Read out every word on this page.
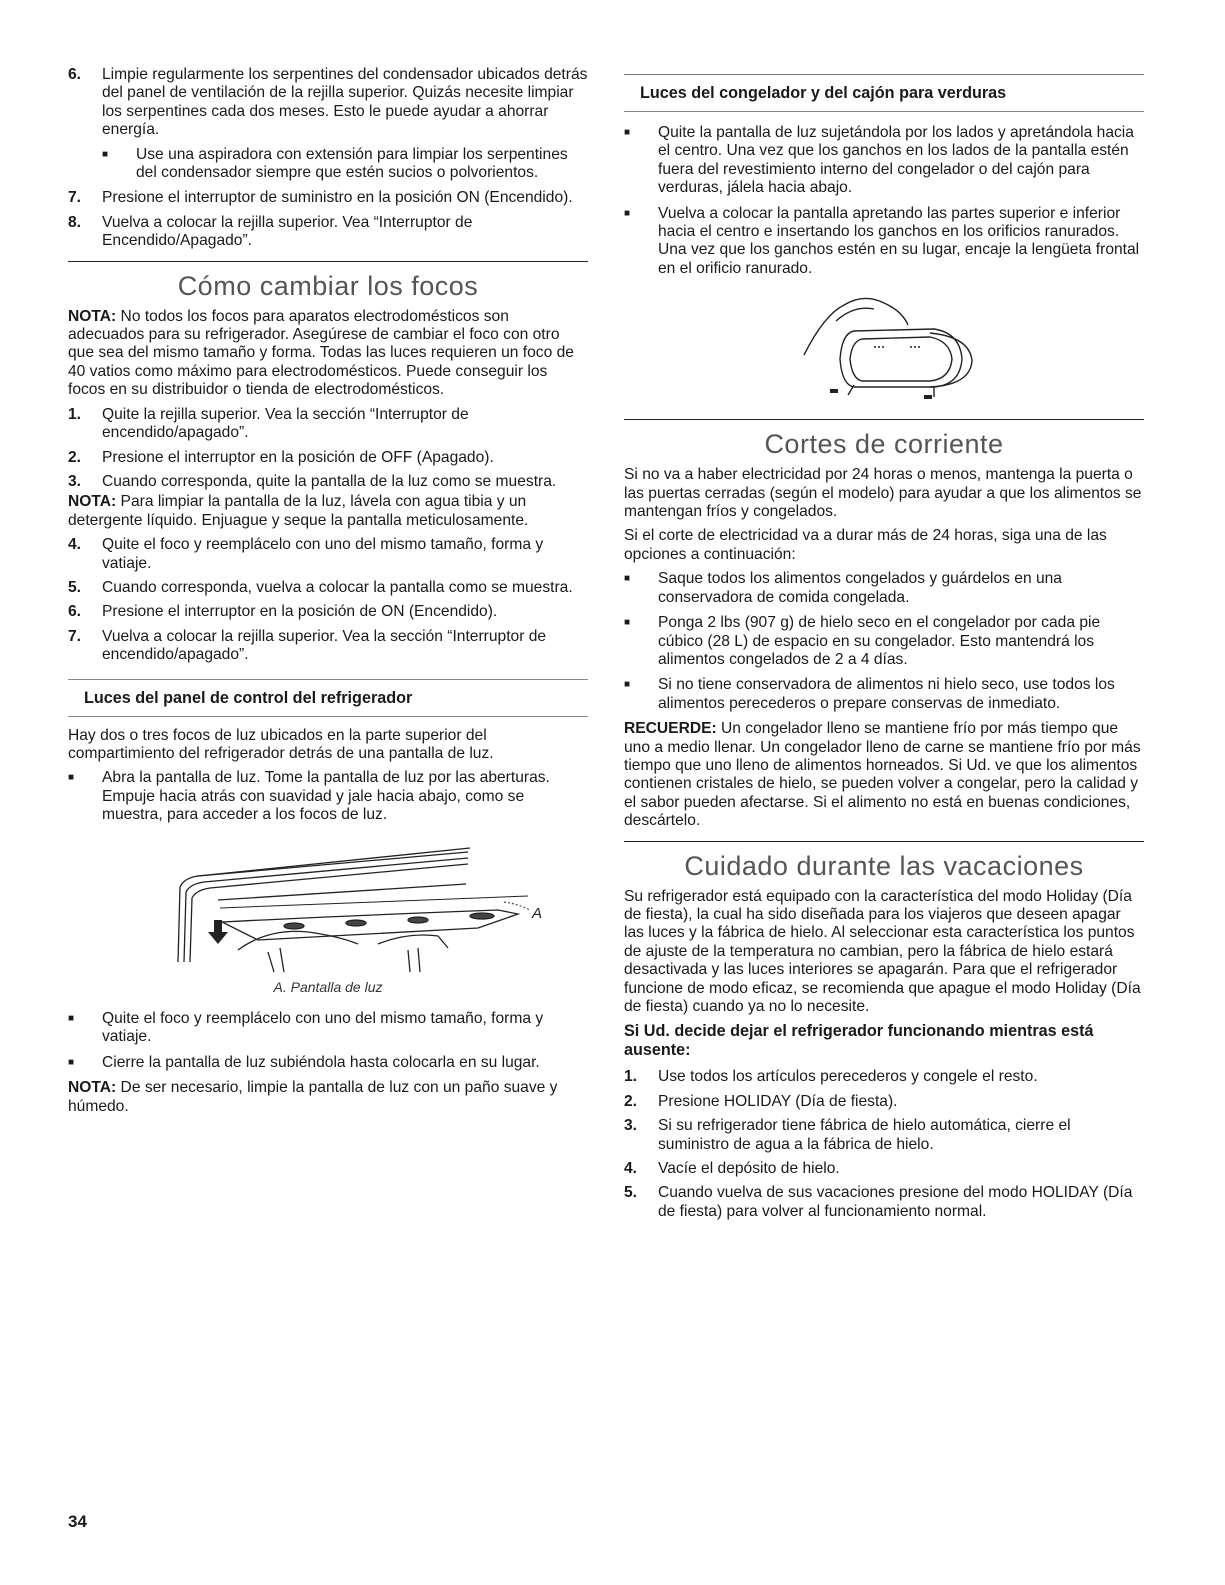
6.	Limpie regularmente los serpentines del condensador ubicados detrás del panel de ventilación de la rejilla superior. Quizás necesite limpiar los serpentines cada dos meses. Esto le puede ayudar a ahorrar energía.
■	Use una aspiradora con extensión para limpiar los serpentines del condensador siempre que estén sucios o polvorientos.
7.	Presione el interruptor de suministro en la posición ON (Encendido).
8.	Vuelva a colocar la rejilla superior. Vea “Interruptor de Encendido/Apagado”.
Cómo cambiar los focos
NOTA: No todos los focos para aparatos electrodomésticos son adecuados para su refrigerador. Asegúrese de cambiar el foco con otro que sea del mismo tamaño y forma. Todas las luces requieren un foco de 40 vatios como máximo para electrodomésticos. Puede conseguir los focos en su distribuidor o tienda de electrodomésticos.
1.	Quite la rejilla superior. Vea la sección “Interruptor de encendido/apagado”.
2.	Presione el interruptor en la posición de OFF (Apagado).
3.	Cuando corresponda, quite la pantalla de la luz como se muestra.
NOTA: Para limpiar la pantalla de la luz, lávela con agua tibia y un detergente líquido. Enjuague y seque la pantalla meticulosamente.
4.	Quite el foco y reemplácelo con uno del mismo tamaño, forma y vatiaje.
5.	Cuando corresponda, vuelva a colocar la pantalla como se muestra.
6.	Presione el interruptor en la posición de ON (Encendido).
7.	Vuelva a colocar la rejilla superior. Vea la sección “Interruptor de encendido/apagado”.
Luces del panel de control del refrigerador
Hay dos o tres focos de luz ubicados en la parte superior del compartimiento del refrigerador detrás de una pantalla de luz.
■	Abra la pantalla de luz. Tome la pantalla de luz por las aberturas. Empuje hacia atrás con suavidad y jale hacia abajo, como se muestra, para acceder a los focos de luz.
A
A. Pantalla de luz
■	Quite el foco y reemplácelo con uno del mismo tamaño, forma y vatiaje.
■	Cierre la pantalla de luz subiéndola hasta colocarla en su lugar.
NOTA: De ser necesario, limpie la pantalla de luz con un paño suave y húmedo.
Luces del congelador y del cajón para verduras
■	Quite la pantalla de luz sujetándola por los lados y apretándola hacia el centro. Una vez que los ganchos en los lados de la pantalla estén fuera del revestimiento interno del congelador o del cajón para verduras, jálela hacia abajo.
■	Vuelva a colocar la pantalla apretando las partes superior e inferior hacia el centro e insertando los ganchos en los orificios ranurados. Una vez que los ganchos estén en su lugar, encaje la lengüeta frontal en el orificio ranurado.
Cortes de corriente
Si no va a haber electricidad por 24 horas o menos, mantenga la puerta o las puertas cerradas (según el modelo) para ayudar a que los alimentos se mantengan fríos y congelados.
Si el corte de electricidad va a durar más de 24 horas, siga una de las opciones a continuación:
■	Saque todos los alimentos congelados y guárdelos en una conservadora de comida congelada.
■	Ponga 2 lbs (907 g) de hielo seco en el congelador por cada pie cúbico (28 L) de espacio en su congelador. Esto mantendrá los alimentos congelados de 2 a 4 días.
■	Si no tiene conservadora de alimentos ni hielo seco, use todos los alimentos perecederos o prepare conservas de inmediato.
RECUERDE: Un congelador lleno se mantiene frío por más tiempo que uno a medio llenar. Un congelador lleno de carne se mantiene frío por más tiempo que uno lleno de alimentos horneados. Si Ud. ve que los alimentos contienen cristales de hielo, se pueden volver a congelar, pero la calidad y el sabor pueden afectarse. Si el alimento no está en buenas condiciones, descártelo.
Cuidado durante las vacaciones
Su refrigerador está equipado con la característica del modo Holiday (Día de fiesta), la cual ha sido diseñada para los viajeros que deseen apagar las luces y la fábrica de hielo. Al seleccionar esta característica los puntos de ajuste de la temperatura no cambian, pero la fábrica de hielo estará desactivada y las luces interiores se apagarán. Para que el refrigerador funcione de modo eficaz, se recomienda que apague el modo Holiday (Día de fiesta) cuando ya no lo necesite.
Si Ud. decide dejar el refrigerador funcionando mientras está ausente:
1.	Use todos los artículos perecederos y congele el resto.
2.	Presione HOLIDAY (Día de fiesta).
3.	Si su refrigerador tiene fábrica de hielo automática, cierre el suministro de agua a la fábrica de hielo.
4.	Vacíe el depósito de hielo.
5.	Cuando vuelva de sus vacaciones presione del modo HOLIDAY (Día de fiesta) para volver al funcionamiento normal.
34
